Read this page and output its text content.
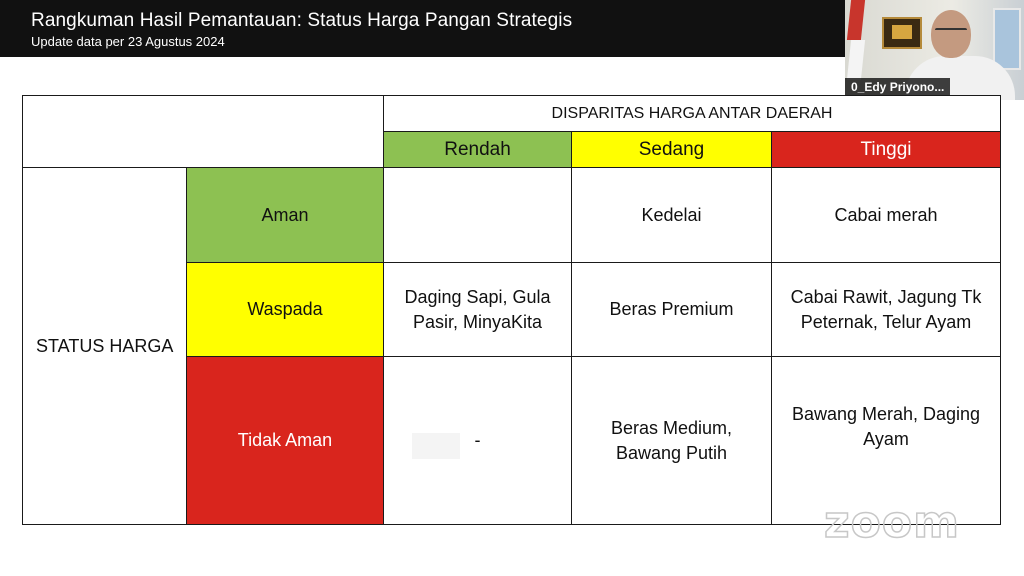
Rangkuman Hasil Pemantauan: Status Harga Pangan Strategis
Update data per 23 Agustus 2024
0_Edy Priyono...
		DISPARITAS HARGA ANTAR DAERAH		
		Rendah	Sedang	Tinggi
STATUS HARGA	Aman		Kedelai	Cabai merah
	Waspada	Daging Sapi, Gula Pasir, MinyaKita	Beras Premium	Cabai Rawit, Jagung Tk Peternak, Telur Ayam
	Tidak Aman	-	Beras Medium, Bawang Putih	Bawang Merah, Daging Ayam
zoom
